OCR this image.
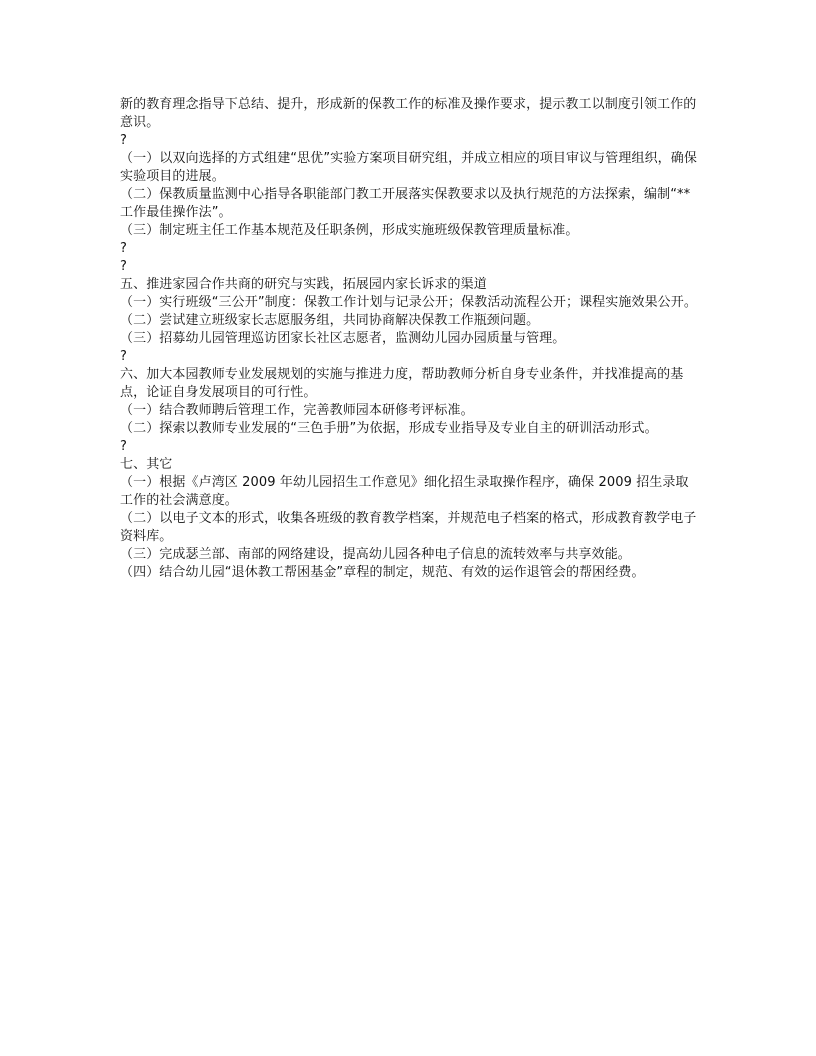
新的教育理念指导下总结、提升，形成新的保教工作的标准及操作要求，提示教工以制度引领工作的意识。

?

（一）以双向选择的方式组建“思优”实验方案项目研究组，并成立相应的项目审议与管理组织，确保实验项目的进展。

（二）保教质量监测中心指导各职能部门教工开展落实保教要求以及执行规范的方法探索，编制“**工作最佳操作法”。

（三）制定班主任工作基本规范及任职条例，形成实施班级保教管理质量标准。

?

?

五、推进家园合作共商的研究与实践，拓展园内家长诉求的渠道

（一）实行班级“三公开”制度：保教工作计划与记录公开；保教活动流程公开；课程实施效果公开。

（二）尝试建立班级家长志愿服务组，共同协商解决保教工作瓶颈问题。

（三）招募幼儿园管理巡访团家长社区志愿者，监测幼儿园办园质量与管理。

?

六、加大本园教师专业发展规划的实施与推进力度，帮助教师分析自身专业条件，并找准提高的基点，论证自身发展项目的可行性。

（一）结合教师聘后管理工作，完善教师园本研修考评标准。

（二）探索以教师专业发展的“三色手册”为依据，形成专业指导及专业自主的研训活动形式。

?

七、其它

（一）根据《卢湾区 2009 年幼儿园招生工作意见》细化招生录取操作程序，确保 2009 招生录取工作的社会满意度。

（二）以电子文本的形式，收集各班级的教育教学档案，并规范电子档案的格式，形成教育教学电子资料库。

（三）完成瑟兰部、南部的网络建设，提高幼儿园各种电子信息的流转效率与共享效能。

（四）结合幼儿园“退休教工帮困基金”章程的制定，规范、有效的运作退管会的帮困经费。
